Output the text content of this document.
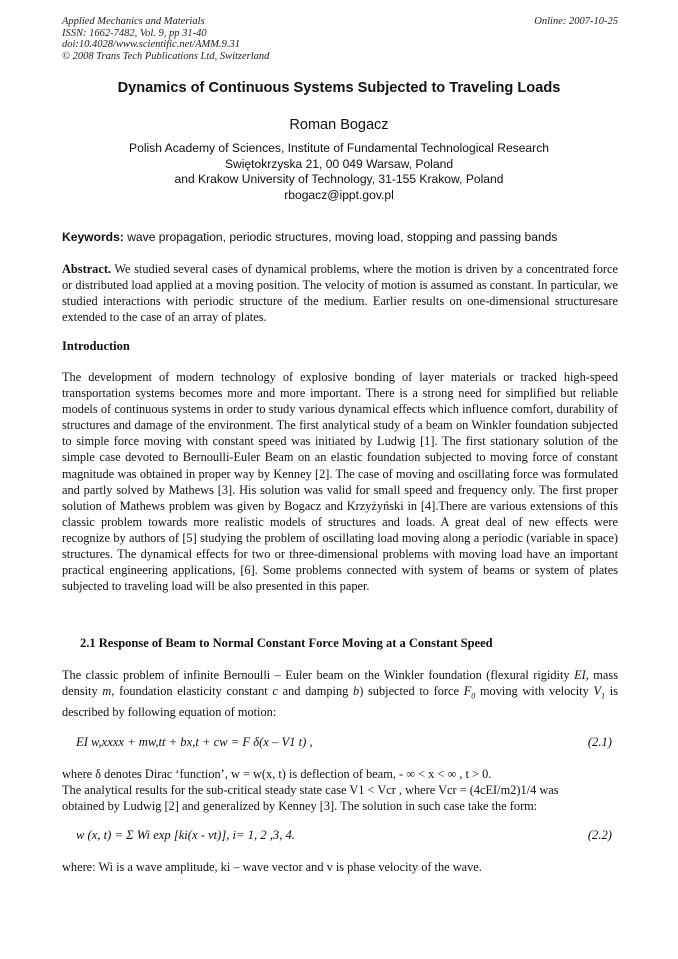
Applied Mechanics and Materials
ISSN: 1662-7482, Vol. 9, pp 31-40
doi:10.4028/www.scientific.net/AMM.9.31
© 2008 Trans Tech Publications Ltd, Switzerland
Online: 2007-10-25
Dynamics of Continuous Systems Subjected to Traveling Loads
Roman Bogacz
Polish Academy of Sciences, Institute of Fundamental Technological Research
Swiętokrzyska 21, 00 049 Warsaw, Poland
and Krakow University of Technology, 31-155 Krakow, Poland
rbogacz@ippt.gov.pl
Keywords: wave propagation, periodic structures, moving load, stopping and passing bands
Abstract. We studied several cases of dynamical problems, where the motion is driven by a concentrated force or distributed load applied at a moving position. The velocity of motion is assumed as constant. In particular, we studied interactions with periodic structure of the medium. Earlier results on one-dimensional structuresare extended to the case of an array of plates.
Introduction
The development of modern technology of explosive bonding of layer materials or tracked high-speed transportation systems becomes more and more important. There is a strong need for simplified but reliable models of continuous systems in order to study various dynamical effects which influence comfort, durability of structures and damage of the environment. The first analytical study of a beam on Winkler foundation subjected to simple force moving with constant speed was initiated by Ludwig [1]. The first stationary solution of the simple case devoted to Bernoulli-Euler Beam on an elastic foundation subjected to moving force of constant magnitude was obtained in proper way by Kenney [2]. The case of moving and oscillating force was formulated and partly solved by Mathews [3]. His solution was valid for small speed and frequency only. The first proper solution of Mathews problem was given by Bogacz and Krzyżyński in [4].There are various extensions of this classic problem towards more realistic models of structures and loads. A great deal of new effects were recognize by authors of [5] studying the problem of oscillating load moving along a periodic (variable in space) structures. The dynamical effects for two or three-dimensional problems with moving load have an important practical engineering applications, [6]. Some problems connected with system of beams or system of plates subjected to traveling load will be also presented in this paper.
2.1 Response of Beam to Normal Constant Force Moving at a Constant Speed
The classic problem of infinite Bernoulli – Euler beam on the Winkler foundation (flexural rigidity EI, mass density m, foundation elasticity constant c and damping b) subjected to force $F_0$ moving with velocity $V_1$ is described by following equation of motion:
EI w,xxxx + mw,tt + bx,t + cw = F δ(x – V1 t) ,	(2.1)
where δ denotes Dirac ‘function’, w = w(x, t) is deflection of beam, - ∞ < x < ∞ , t > 0.
The analytical results for the sub-critical steady state case V1 < Vcr , where Vcr = (4cEI/m2)1/4 was
obtained by Ludwig [2] and generalized by Kenney [3]. The solution in such case take the form:
w (x, t) = Σ Wi exp [ki(x - vt)], i= 1, 2 ,3, 4.	(2.2)
where: Wi is a wave amplitude, ki – wave vector and v is phase velocity of the wave.
